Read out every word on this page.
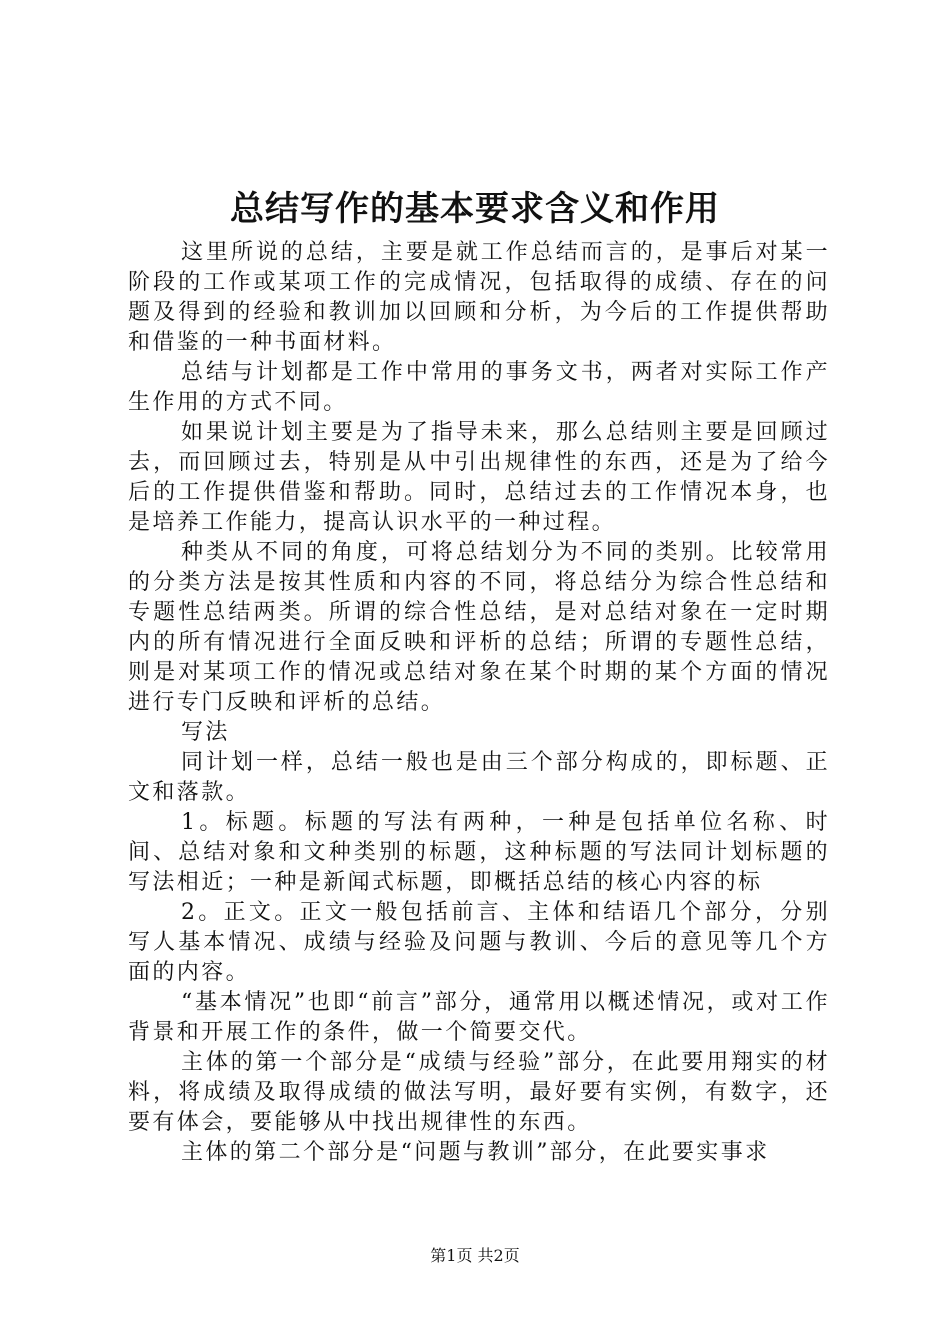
总结写作的基本要求含义和作用

这里所说的总结，主要是就工作总结而言的，是事后对某一阶段的工作或某项工作的完成情况，包括取得的成绩、存在的问题及得到的经验和教训加以回顾和分析，为今后的工作提供帮助和借鉴的一种书面材料。

总结与计划都是工作中常用的事务文书，两者对实际工作产生作用的方式不同。

如果说计划主要是为了指导未来，那么总结则主要是回顾过去，而回顾过去，特别是从中引出规律性的东西，还是为了给今后的工作提供借鉴和帮助。同时，总结过去的工作情况本身，也是培养工作能力，提高认识水平的一种过程。

种类从不同的角度，可将总结划分为不同的类别。比较常用的分类方法是按其性质和内容的不同，将总结分为综合性总结和专题性总结两类。所谓的综合性总结，是对总结对象在一定时期内的所有情况进行全面反映和评析的总结；所谓的专题性总结，则是对某项工作的情况或总结对象在某个时期的某个方面的情况进行专门反映和评析的总结。

写法

同计划一样，总结一般也是由三个部分构成的，即标题、正文和落款。

1。标题。标题的写法有两种，一种是包括单位名称、时间、总结对象和文种类别的标题，这种标题的写法同计划标题的写法相近；一种是新闻式标题，即概括总结的核心内容的标

2。正文。正文一般包括前言、主体和结语几个部分，分别写人基本情况、成绩与经验及问题与教训、今后的意见等几个方面的内容。

“基本情况”也即“前言”部分，通常用以概述情况，或对工作背景和开展工作的条件，做一个简要交代。

主体的第一个部分是“成绩与经验”部分，在此要用翔实的材料，将成绩及取得成绩的做法写明，最好要有实例，有数字，还要有体会，要能够从中找出规律性的东西。

主体的第二个部分是“问题与教训”部分，在此要实事求

第1页 共2页
